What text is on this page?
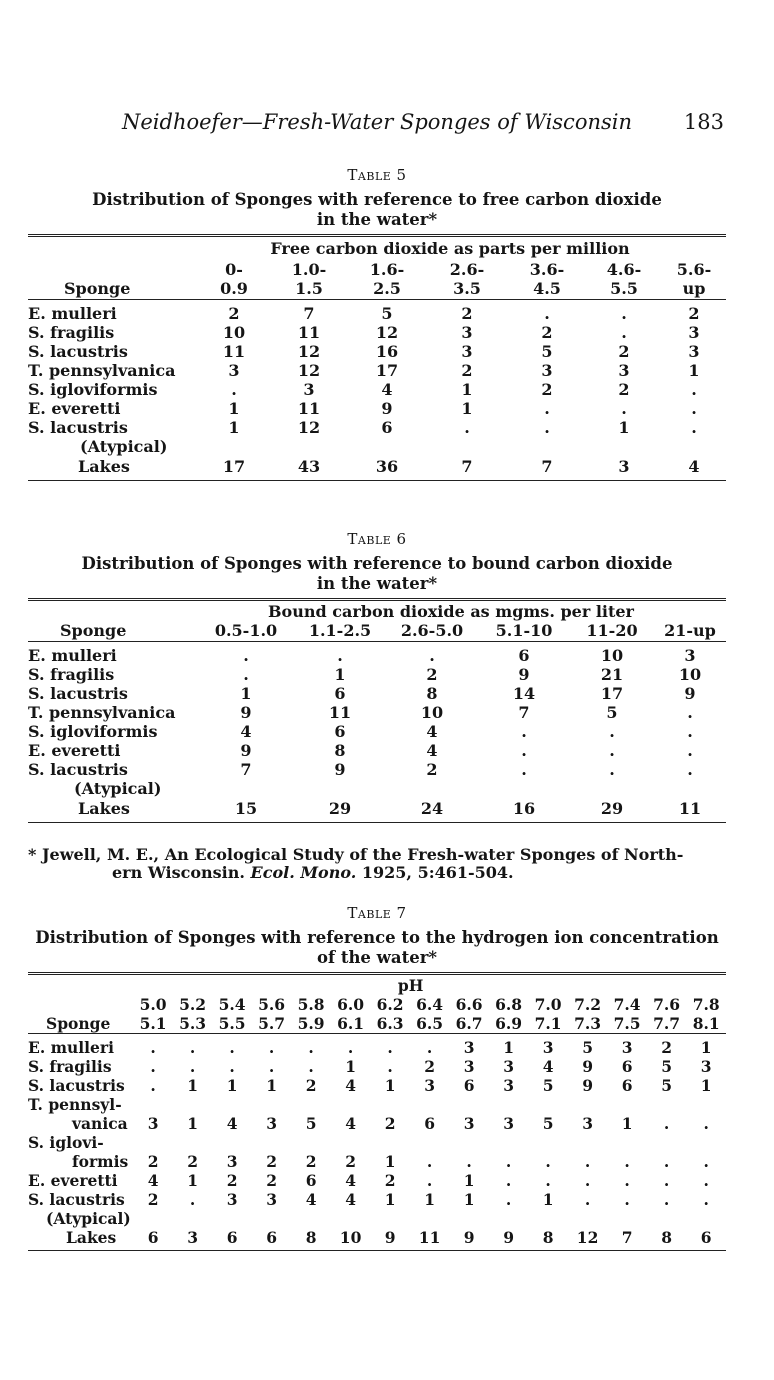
Neidhoefer—Fresh-Water Sponges of Wisconsin 183
Table 5
Distribution of Sponges with reference to free carbon dioxide
in the water*
	Free carbon dioxide as parts per million						
	0-	1.0-	1.6-	2.6-	3.6-	4.6-	5.6-
Sponge	0.9	1.5	2.5	3.5	4.5	5.5	up

E. mulleri	2	7	5	2	.	.	2
S. fragilis	10	11	12	3	2	.	3
S. lacustris	11	12	16	3	5	2	3
T. pennsylvanica	3	12	17	2	3	3	1
S. igloviformis	.	3	4	1	2	2	.
E. everetti	1	11	9	1	.	.	.
S. lacustris	1	12	6	.	.	1	.
(Atypical)							
Lakes	17	43	36	7	7	3	4

Table 6
Distribution of Sponges with reference to bound carbon dioxide
in the water*
	Bound carbon dioxide as mgms. per liter					
Sponge	0.5-1.0	1.1-2.5	2.6-5.0	5.1-10	11-20	21-up

E. mulleri	.	.	.	6	10	3
S. fragilis	.	1	2	9	21	10
S. lacustris	1	6	8	14	17	9
T. pennsylvanica	9	11	10	7	5	.
S. igloviformis	4	6	4	.	.	.
E. everetti	9	8	4	.	.	.
S. lacustris	7	9	2	.	.	.
(Atypical)						
Lakes	15	29	24	16	29	11

* Jewell, M. E., An Ecological Study of the Fresh-water Sponges of North-
ern Wisconsin. Ecol. Mono. 1925, 5:461-504.
Table 7
Distribution of Sponges with reference to the hydrogen ion concentration
of the water*
	pH														
	5.0	5.2	5.4	5.6	5.8	6.0	6.2	6.4	6.6	6.8	7.0	7.2	7.4	7.6	7.8
Sponge	5.1	5.3	5.5	5.7	5.9	6.1	6.3	6.5	6.7	6.9	7.1	7.3	7.5	7.7	8.1

E. mulleri	.	.	.	.	.	.	.	.	3	1	3	5	3	2	1
S. fragilis	.	.	.	.	.	1	.	2	3	3	4	9	6	5	3
S. lacustris	.	1	1	1	2	4	1	3	6	3	5	9	6	5	1
T. pennsyl-															
vanica	3	1	4	3	5	4	2	6	3	3	5	3	1	.	.
S. iglovi-															
formis	2	2	3	2	2	2	1	.	.	.	.	.	.	.	.
E. everetti	4	1	2	2	6	4	2	.	1	.	.	.	.	.	.
S. lacustris	2	.	3	3	4	4	1	1	1	.	1	.	.	.	.
(Atypical)															
Lakes	6	3	6	6	8	10	9	11	9	9	8	12	7	8	6
